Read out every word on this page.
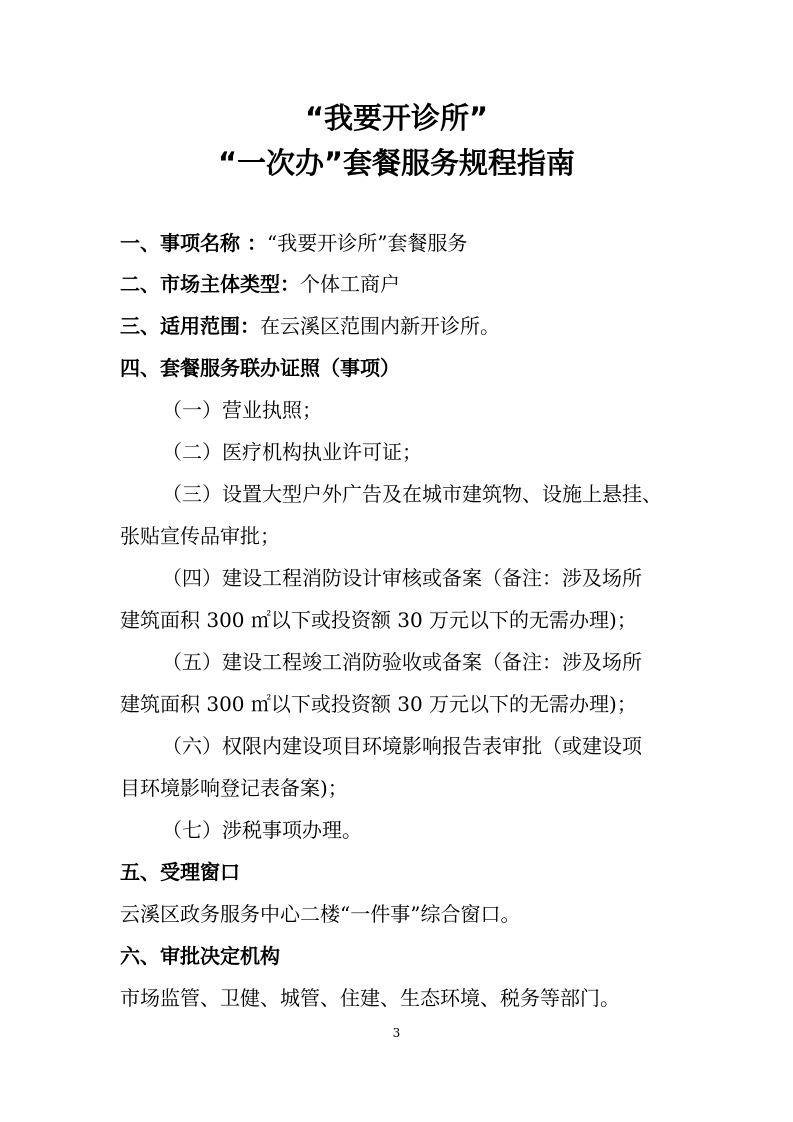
“我要开诊所”
“一次办”套餐服务规程指南
一、事项名称 ：“我要开诊所”套餐服务
二、市场主体类型：个体工商户
三、适用范围：在云溪区范围内新开诊所。
四、套餐服务联办证照（事项）
（一）营业执照；
（二）医疗机构执业许可证；
（三）设置大型户外广告及在城市建筑物、设施上悬挂、
张贴宣传品审批；
（四）建设工程消防设计审核或备案（备注：涉及场所
建筑面积 300 ㎡以下或投资额 30 万元以下的无需办理)；
（五）建设工程竣工消防验收或备案（备注：涉及场所
建筑面积 300 ㎡以下或投资额 30 万元以下的无需办理)；
（六）权限内建设项目环境影响报告表审批（或建设项
目环境影响登记表备案)；
（七）涉税事项办理。
五、受理窗口
云溪区政务服务中心二楼“一件事”综合窗口。
六、审批决定机构
市场监管、卫健、城管、住建、生态环境、税务等部门。
3
